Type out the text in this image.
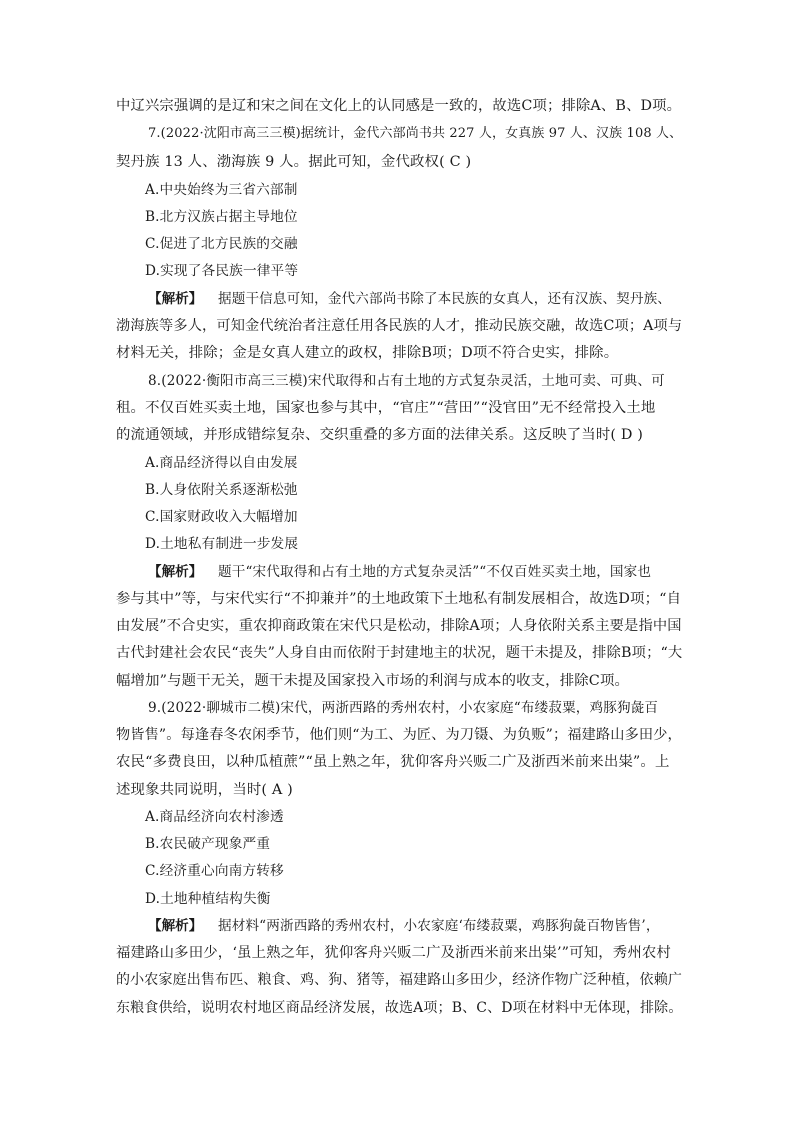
中辽兴宗强调的是辽和宋之间在文化上的认同感是一致的，故选C项；排除A、B、D项。
7.(2022·沈阳市高三三模)据统计，金代六部尚书共 227 人，女真族 97 人、汉族 108 人、
契丹族 13 人、渤海族 9 人。据此可知，金代政权( C )
A.中央始终为三省六部制
B.北方汉族占据主导地位
C.促进了北方民族的交融
D.实现了各民族一律平等
【解析】 据题干信息可知，金代六部尚书除了本民族的女真人，还有汉族、契丹族、
渤海族等多人，可知金代统治者注意任用各民族的人才，推动民族交融，故选C项；A项与
材料无关，排除；金是女真人建立的政权，排除B项；D项不符合史实，排除。
8.(2022·衡阳市高三三模)宋代取得和占有土地的方式复杂灵活，土地可卖、可典、可
租。不仅百姓买卖土地，国家也参与其中，“官庄”“营田”“没官田”无不经常投入土地
的流通领域，并形成错综复杂、交织重叠的多方面的法律关系。这反映了当时( D )
A.商品经济得以自由发展
B.人身依附关系逐渐松弛
C.国家财政收入大幅增加
D.土地私有制进一步发展
【解析】 题干“宋代取得和占有土地的方式复杂灵活”“不仅百姓买卖土地，国家也
参与其中”等，与宋代实行“不抑兼并”的土地政策下土地私有制发展相合，故选D项；“自
由发展”不合史实，重农抑商政策在宋代只是松动，排除A项；人身依附关系主要是指中国
古代封建社会农民“丧失”人身自由而依附于封建地主的状况，题干未提及，排除B项；“大
幅增加”与题干无关，题干未提及国家投入市场的利润与成本的收支，排除C项。
9.(2022·聊城市二模)宋代，两浙西路的秀州农村，小农家庭“布缕菽粟，鸡豚狗彘百
物皆售”。每逢春冬农闲季节，他们则“为工、为匠、为刀镊、为负贩”；福建路山多田少，
农民“多费良田，以种瓜植蔗”“虽上熟之年，犹仰客舟兴贩二广及浙西米前来出粜”。上
述现象共同说明，当时( A )
A.商品经济向农村渗透
B.农民破产现象严重
C.经济重心向南方转移
D.土地种植结构失衡
【解析】 据材料“两浙西路的秀州农村，小农家庭‘布缕菽粟，鸡豚狗彘百物皆售’，
福建路山多田少，‘虽上熟之年，犹仰客舟兴贩二广及浙西米前来出粜’”可知，秀州农村
的小农家庭出售布匹、粮食、鸡、狗、猪等，福建路山多田少，经济作物广泛种植，依赖广
东粮食供给，说明农村地区商品经济发展，故选A项；B、C、D项在材料中无体现，排除。
